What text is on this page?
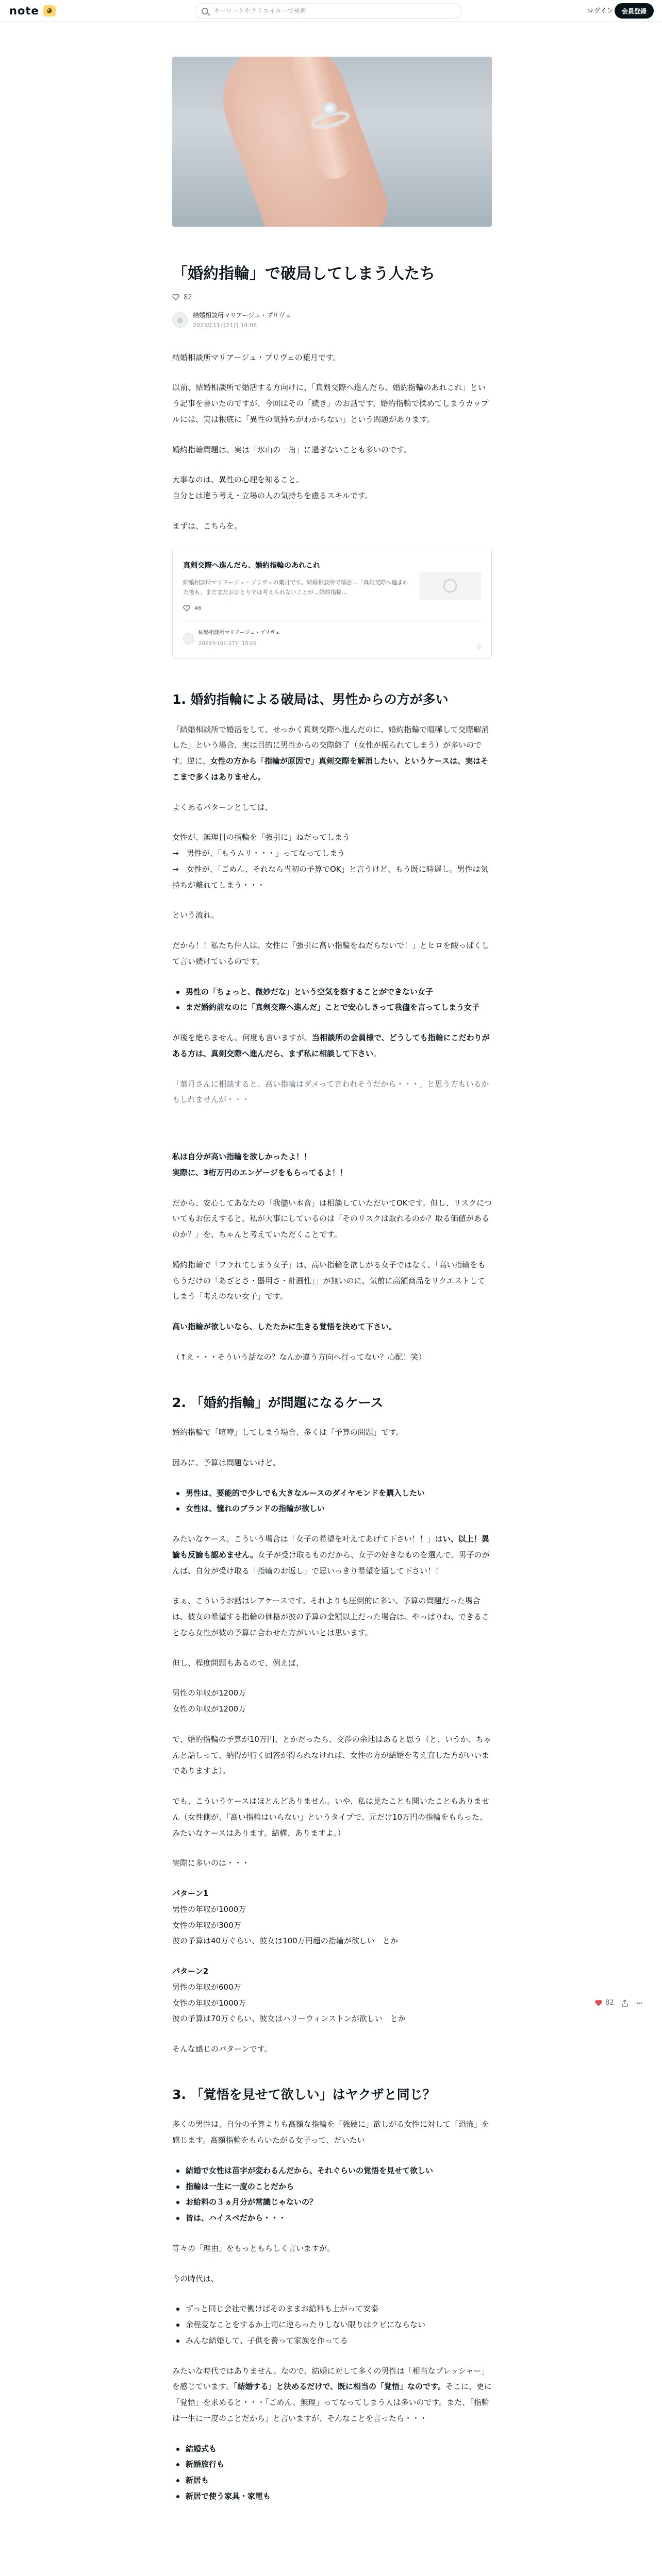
note	◕
キーワードやクリエイターで検索	ログイン	会員登録
「婚約指輪」で破局してしまう人たち
82
◍
結婚相談所マリアージュ・プリヴェ
2023年11月21日 14:06

結婚相談所マリアージュ・プリヴェの葉月です。

以前、結婚相談所で婚活する方向けに、「真剣交際へ進んだら、婚約指輪のあれこれ」という記事を書いたのですが、今回はその「続き」のお話です。婚約指輪で揉めてしまうカップルには、実は根底に「異性の気持ちがわからない」という問題があります。

婚約指輪問題は、実は「氷山の一角」に過ぎないことも多いのです。

大事なのは、異性の心理を知ること。

自分とは違う考え・立場の人の気持ちを慮るスキルです。

まずは、こちらを。

真剣交際へ進んだら、婚約指輪のあれこれ
結婚相談所マリアージュ・プリヴェの葉月です。結婚相談所で婚活…「真剣交際へ進まれた後も、まだまだおひとりでは考えられないことが…婚約指輪…
46
結婚相談所マリアージュ・プリヴェ
2023年10月27日 15:09
◇
1. 婚約指輪による破局は、男性からの方が多い

「結婚相談所で婚活をして、せっかく真剣交際へ進んだのに、婚約指輪で喧嘩して交際解消した」という場合、実は目的に男性からの交際終了（女性が振られてしまう）が多いのです。逆に、女性の方から「指輪が原因で」真剣交際を解消したい、というケースは、実はそこまで多くはありません。

よくあるパターンとしては、

女性が、無理目の指輪を「強引に」ねだってしまう

→　男性が、「もうムリ・・・」ってなってしまう

→　女性が、「ごめん、それなら当初の予算でOK」と言うけど、もう既に時遅し。男性は気持ちが離れてしまう・・・

という流れ。

だから！！私たち仲人は、女性に「強引に高い指輪をねだらないで！」とヒロを酸っぱくして言い続けているのです。

男性の「ちょっと、微妙だな」という空気を察することができない女子
まだ婚約前なのに「真剣交際へ進んだ」ことで安心しきって我儘を言ってしまう女子

が後を絶ちません。何度も言いますが、当相談所の会員様で、どうしても指輪にこだわりがある方は、真剣交際へ進んだら、まず私に相談して下さい。

「葉月さんに相談すると、高い指輪はダメって言われそうだから・・・」と思う方もいるかもしれませんが・・・

私は自分が高い指輪を欲しかったよ！！

実際に、3桁万円のエンゲージをもらってるよ！！

だから、安心してあなたの「我儘い本音」は相談していただいてOKです。但し、リスクについてもお伝えすると、私が大事にしているのは「そのリスクは取れるのか？取る価値があるのか？」を、ちゃんと考えていただくことです。

婚約指輪で「フラれてしまう女子」は、高い指輪を欲しがる女子ではなく、「高い指輪をもらうだけの「あざとさ・器用さ・計画性」」が無いのに、気前に高額商品をリクエストしてしまう「考えのない女子」です。

高い指輪が欲しいなら、したたかに生きる覚悟を決めて下さい。

（↑え・・・そういう話なの？なんか違う方向へ行ってない？心配！笑）

2. 「婚約指輪」が問題になるケース

婚約指輪で「喧嘩」してしまう場合、多くは「予算の問題」です。

因みに、予算は問題ないけど、

男性は、要能的で少しでも大きなルースのダイヤモンドを購入したい
女性は、憧れのブランドの指輪が欲しい

みたいなケース。こういう場合は「女子の希望を叶えてあげて下さい！！」はい、以上！異論も反論も認めません。女子が受け取るものだから、女子の好きなものを選んで。男子のがんば、自分が受け取る「指輪のお返し」で思いっきり希望を通して下さい！！

まぁ、こういうお話はレアケースです。それよりも圧倒的に多い、予算の問題だった場合は、彼女の希望する指輪の価格が彼の予算の金額以上だった場合は、やっぱりね、できることなら女性が彼の予算に合わせた方がいいとは思います。

但し、程度問題もあるので、例えば、

男性の年収が1200万

女性の年収が1200万

で、婚約指輪の予算が10万円、とかだったら、交渉の余地はあると思う（と、いうか、ちゃんと話しって、納得が行く回答が得られなければ、女性の方が結婚を考え直した方がいいまでありますよ）。

でも、こういうケースはほとんどありません。いや、私は見たことも聞いたこともありません（女性側が、「高い指輪はいらない」というタイプで、元だけ10万円の指輪をもらった、みたいなケースはあります。結構、ありますよ。）

実際に多いのは・・・

パターン1

男性の年収が1000万

女性の年収が300万

彼の予算は40万ぐらい、彼女は100万円超の指輪が欲しい　とか

パターン2

男性の年収が600万

女性の年収が1000万

彼の予算は70万ぐらい、彼女はハリーウィンストンが欲しい　とか

そんな感じのパターンです。

3. 「覚悟を見せて欲しい」はヤクザと同じ？

多くの男性は、自分の予算よりも高額な指輪を「強硬に」欲しがる女性に対して「恐怖」を感じます。高額指輪をもらいたがる女子って、だいたい

結婚で女性は苗字が変わるんだから、それぐらいの覚悟を見せて欲しい
指輪は一生に一度のことだから
お給料の３ヵ月分が常識じゃないの？
皆は、ハイスペだから・・・

等々の「理由」をもっともらしく言いますが。

今の時代は、

ずっと同じ会社で働けばそのままお給料も上がって安泰
余程変なことをするか上司に逆らったりしない限りはクビにならない
みんな結婚して、子供を養って家族を作ってる

みたいな時代ではありません。なので、結婚に対して多くの男性は「相当なプレッシャー」を感じています。「結婚する」と決めるだけで、既に相当の「覚悟」なのです。そこに、更に「覚悟」を求めると・・・「ごめん、無理」ってなってしまう人は多いのです。また、「指輪は一生に一度のことだから」と言いますが、そんなことを言ったら・・・

結婚式も
新婚旅行も
新居も
新居で使う家具・家電も
82
